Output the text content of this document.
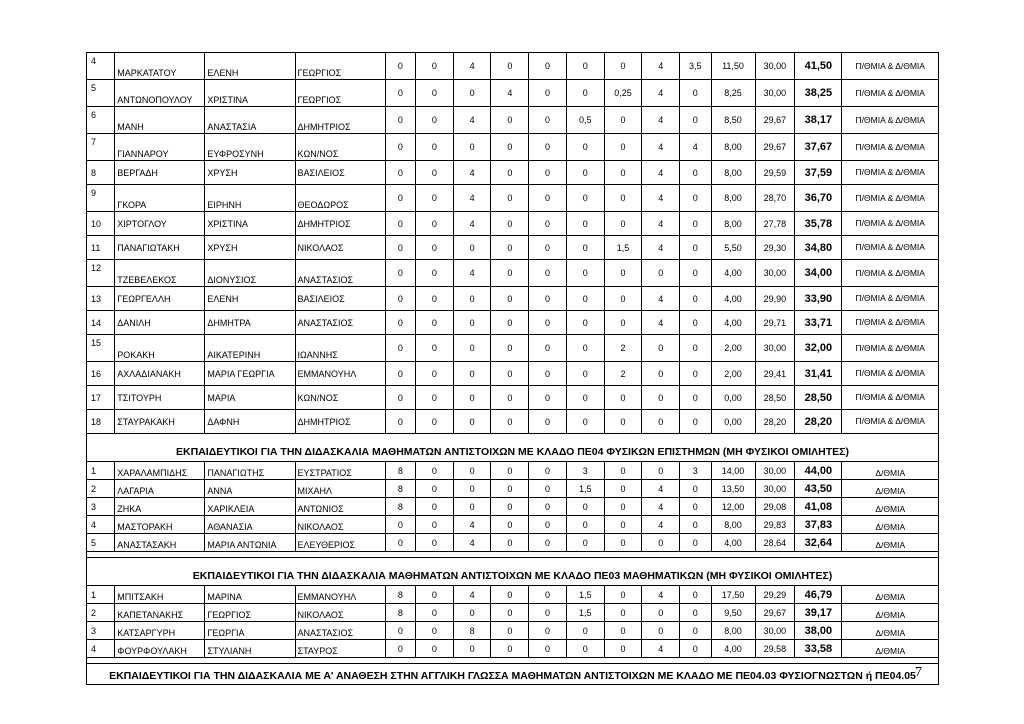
4	ΜΑΡΚΑΤΑΤΟΥ	ΕΛΕΝΗ	ΓΕΩΡΓΙΟΣ	0	0	4	0	0	0	0	4	3,5	11,50	30,00	41,50	Π/ΘΜΙΑ & Δ/ΘΜΙΑ
5	ΑΝΤΩΝΟΠΟΥΛΟΥ	ΧΡΙΣΤΙΝΑ	ΓΕΩΡΓΙΟΣ	0	0	0	4	0	0	0,25	4	0	8,25	30,00	38,25	Π/ΘΜΙΑ & Δ/ΘΜΙΑ
6	ΜΑΝΗ	ΑΝΑΣΤΑΣΙΑ	ΔΗΜΗΤΡΙΟΣ	0	0	4	0	0	0,5	0	4	0	8,50	29,67	38,17	Π/ΘΜΙΑ & Δ/ΘΜΙΑ
7	ΓΙΑΝΝΑΡΟΥ	ΕΥΦΡΟΣΥΝΗ	ΚΩΝ/ΝΟΣ	0	0	0	0	0	0	0	4	4	8,00	29,67	37,67	Π/ΘΜΙΑ & Δ/ΘΜΙΑ
8	ΒΕΡΓΑΔΗ	ΧΡΥΣΗ	ΒΑΣΙΛΕΙΟΣ	0	0	4	0	0	0	0	4	0	8,00	29,59	37,59	Π/ΘΜΙΑ & Δ/ΘΜΙΑ
9	ΓΚΟΡΑ	ΕΙΡΗΝΗ	ΘΕΟΔΩΡΟΣ	0	0	4	0	0	0	0	4	0	8,00	28,70	36,70	Π/ΘΜΙΑ & Δ/ΘΜΙΑ
10	ΧΙΡΤΟΓΛΟΥ	ΧΡΙΣΤΙΝΑ	ΔΗΜΗΤΡΙΟΣ	0	0	4	0	0	0	0	4	0	8,00	27,78	35,78	Π/ΘΜΙΑ & Δ/ΘΜΙΑ
11	ΠΑΝΑΓΙΩΤΑΚΗ	ΧΡΥΣΗ	ΝΙΚΟΛΑΟΣ	0	0	0	0	0	0	1,5	4	0	5,50	29,30	34,80	Π/ΘΜΙΑ & Δ/ΘΜΙΑ
12	ΤΖΕΒΕΛΕΚΟΣ	ΔΙΟΝΥΣΙΟΣ	ΑΝΑΣΤΑΣΙΟΣ	0	0	4	0	0	0	0	0	0	4,00	30,00	34,00	Π/ΘΜΙΑ & Δ/ΘΜΙΑ
13	ΓΕΩΡΓΕΛΛΗ	ΕΛΕΝΗ	ΒΑΣΙΛΕΙΟΣ	0	0	0	0	0	0	0	4	0	4,00	29,90	33,90	Π/ΘΜΙΑ & Δ/ΘΜΙΑ
14	ΔΑΝΙΛΗ	ΔΗΜΗΤΡΑ	ΑΝΑΣΤΑΣΙΟΣ	0	0	0	0	0	0	0	4	0	4,00	29,71	33,71	Π/ΘΜΙΑ & Δ/ΘΜΙΑ
15	ΡΟΚΑΚΗ	ΑΙΚΑΤΕΡΙΝΗ	ΙΩΑΝΝΗΣ	0	0	0	0	0	0	2	0	0	2,00	30,00	32,00	Π/ΘΜΙΑ & Δ/ΘΜΙΑ
16	ΑΧΛΑΔΙΑΝΑΚΗ	ΜΑΡΙΑ ΓΕΩΡΓΙΑ	ΕΜΜΑΝΟΥΗΛ	0	0	0	0	0	0	2	0	0	2,00	29,41	31,41	Π/ΘΜΙΑ & Δ/ΘΜΙΑ
17	ΤΣΙΤΟΥΡΗ	ΜΑΡΙΑ	ΚΩΝ/ΝΟΣ	0	0	0	0	0	0	0	0	0	0,00	28,50	28,50	Π/ΘΜΙΑ & Δ/ΘΜΙΑ
18	ΣΤΑΥΡΑΚΑΚΗ	ΔΑΦΝΗ	ΔΗΜΗΤΡΙΟΣ	0	0	0	0	0	0	0	0	0	0,00	28,20	28,20	Π/ΘΜΙΑ & Δ/ΘΜΙΑ
ΕΚΠΑΙΔΕΥΤΙΚΟΙ ΓΙΑ ΤΗΝ ΔΙΔΑΣΚΑΛΙΑ ΜΑΘΗΜΑΤΩΝ ΑΝΤΙΣΤΟΙΧΩΝ ΜΕ ΚΛΑΔΟ ΠΕ04 ΦΥΣΙΚΩΝ ΕΠΙΣΤΗΜΩΝ (ΜΗ ΦΥΣΙΚΟΙ ΟΜΙΛΗΤΕΣ)																
1	ΧΑΡΑΛΑΜΠΙΔΗΣ	ΠΑΝΑΓΙΩΤΗΣ	ΕΥΣΤΡΑΤΙΟΣ	8	0	0	0	0	3	0	0	3	14,00	30,00	44,00	Δ/ΘΜΙΑ
2	ΛΑΓΑΡΙΑ	ΑΝΝΑ	ΜΙΧΑΗΛ	8	0	0	0	0	1,5	0	4	0	13,50	30,00	43,50	Δ/ΘΜΙΑ
3	ΖΗΚΑ	ΧΑΡΙΚΛΕΙΑ	ΑΝΤΩΝΙΟΣ	8	0	0	0	0	0	0	4	0	12,00	29,08	41,08	Δ/ΘΜΙΑ
4	ΜΑΣΤΟΡΑΚΗ	ΑΘΑΝΑΣΙΑ	ΝΙΚΟΛΑΟΣ	0	0	4	0	0	0	0	4	0	8,00	29,83	37,83	Δ/ΘΜΙΑ
5	ΑΝΑΣΤΑΣΑΚΗ	ΜΑΡΙΑ ΑΝΤΩΝΙΑ	ΕΛΕΥΘΕΡΙΟΣ	0	0	4	0	0	0	0	0	0	4,00	28,64	32,64	Δ/ΘΜΙΑ

ΕΚΠΑΙΔΕΥΤΙΚΟΙ ΓΙΑ ΤΗΝ ΔΙΔΑΣΚΑΛΙΑ ΜΑΘΗΜΑΤΩΝ ΑΝΤΙΣΤΟΙΧΩΝ ΜΕ ΚΛΑΔΟ ΠΕ03 ΜΑΘΗΜΑΤΙΚΩΝ (ΜΗ ΦΥΣΙΚΟΙ ΟΜΙΛΗΤΕΣ)																
1	ΜΠΙΤΣΑΚΗ	ΜΑΡΙΝΑ	ΕΜΜΑΝΟΥΗΛ	8	0	4	0	0	1,5	0	4	0	17,50	29,29	46,79	Δ/ΘΜΙΑ
2	ΚΑΠΕΤΑΝΑΚΗΣ	ΓΕΩΡΓΙΟΣ	ΝΙΚΟΛΑΟΣ	8	0	0	0	0	1,5	0	0	0	9,50	29,67	39,17	Δ/ΘΜΙΑ
3	ΚΑΤΣΑΡΓΥΡΗ	ΓΕΩΡΓΙΑ	ΑΝΑΣΤΑΣΙΟΣ	0	0	8	0	0	0	0	0	0	8,00	30,00	38,00	Δ/ΘΜΙΑ
4	ΦΟΥΡΦΟΥΛΑΚΗ	ΣΤΥΛΙΑΝΗ	ΣΤΑΥΡΟΣ	0	0	0	0	0	0	0	4	0	4,00	29,58	33,58	Δ/ΘΜΙΑ

ΕΚΠΑΙΔΕΥΤΙΚΟΙ ΓΙΑ ΤΗΝ ΔΙΔΑΣΚΑΛΙΑ ΜΕ Α' ΑΝΑΘΕΣΗ ΣΤΗΝ ΑΓΓΛΙΚΗ ΓΛΩΣΣΑ ΜΑΘΗΜΑΤΩΝ ΑΝΤΙΣΤΟΙΧΩΝ ΜΕ ΚΛΑΔΟ ΜΕ ΠΕ04.03 ΦΥΣΙΟΓΝΩΣΤΩΝ ή ΠΕ04.05																7
